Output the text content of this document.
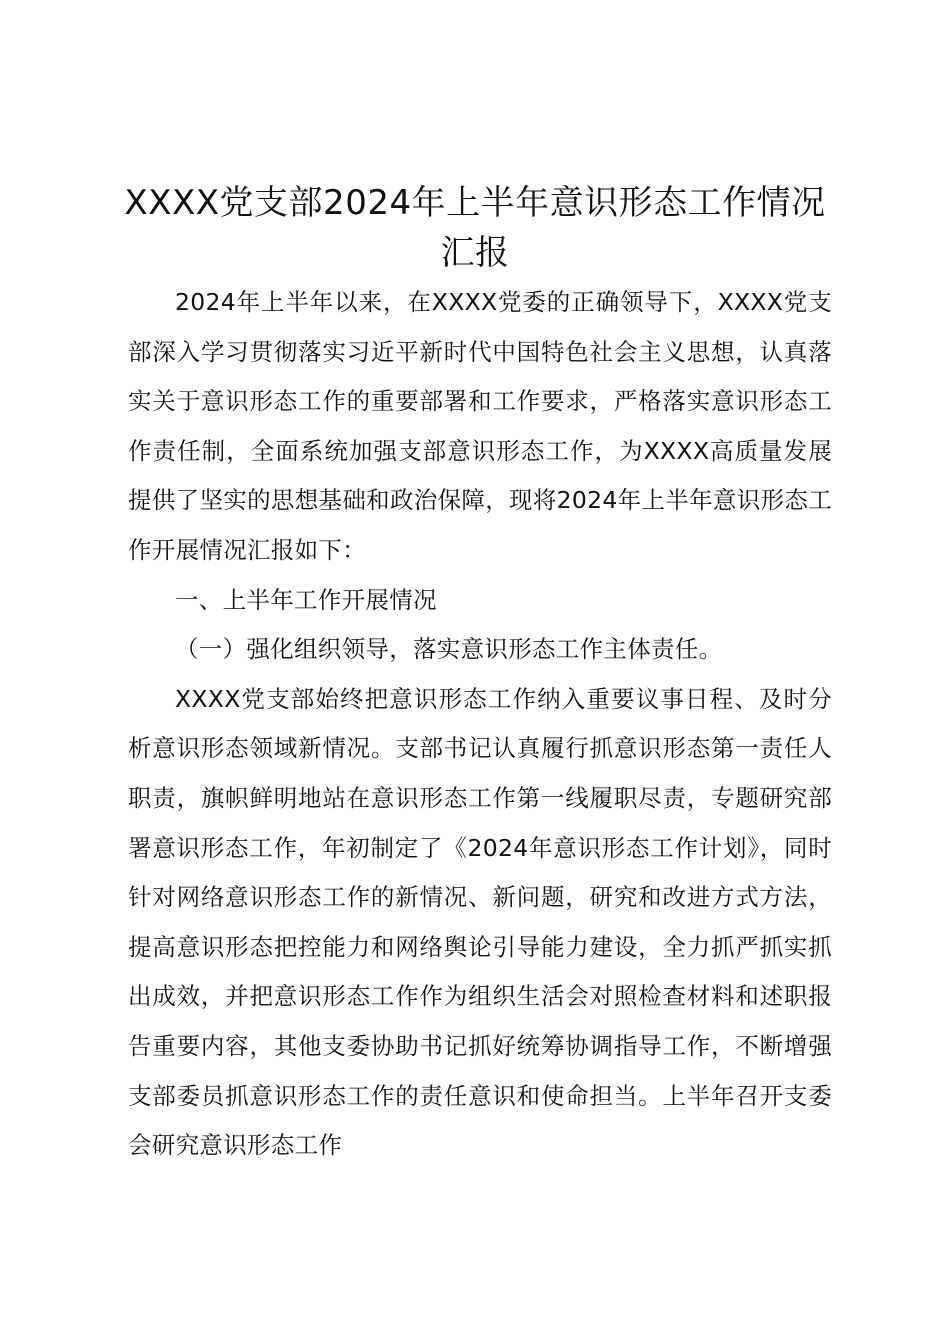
XXXX党支部2024年上半年意识形态工作情况汇报

2024年上半年以来，在XXXX党委的正确领导下，XXXX党支部深入学习贯彻落实习近平新时代中国特色社会主义思想，认真落实关于意识形态工作的重要部署和工作要求，严格落实意识形态工作责任制，全面系统加强支部意识形态工作，为XXXX高质量发展提供了坚实的思想基础和政治保障，现将2024年上半年意识形态工作开展情况汇报如下：

一、上半年工作开展情况

（一）强化组织领导，落实意识形态工作主体责任。

XXXX党支部始终把意识形态工作纳入重要议事日程、及时分析意识形态领域新情况。支部书记认真履行抓意识形态第一责任人职责，旗帜鲜明地站在意识形态工作第一线履职尽责，专题研究部署意识形态工作，年初制定了《2024年意识形态工作计划》，同时针对网络意识形态工作的新情况、新问题，研究和改进方式方法，提高意识形态把控能力和网络舆论引导能力建设，全力抓严抓实抓出成效，并把意识形态工作作为组织生活会对照检查材料和述职报告重要内容，其他支委协助书记抓好统筹协调指导工作，不断增强支部委员抓意识形态工作的责任意识和使命担当。上半年召开支委会研究意识形态工作
